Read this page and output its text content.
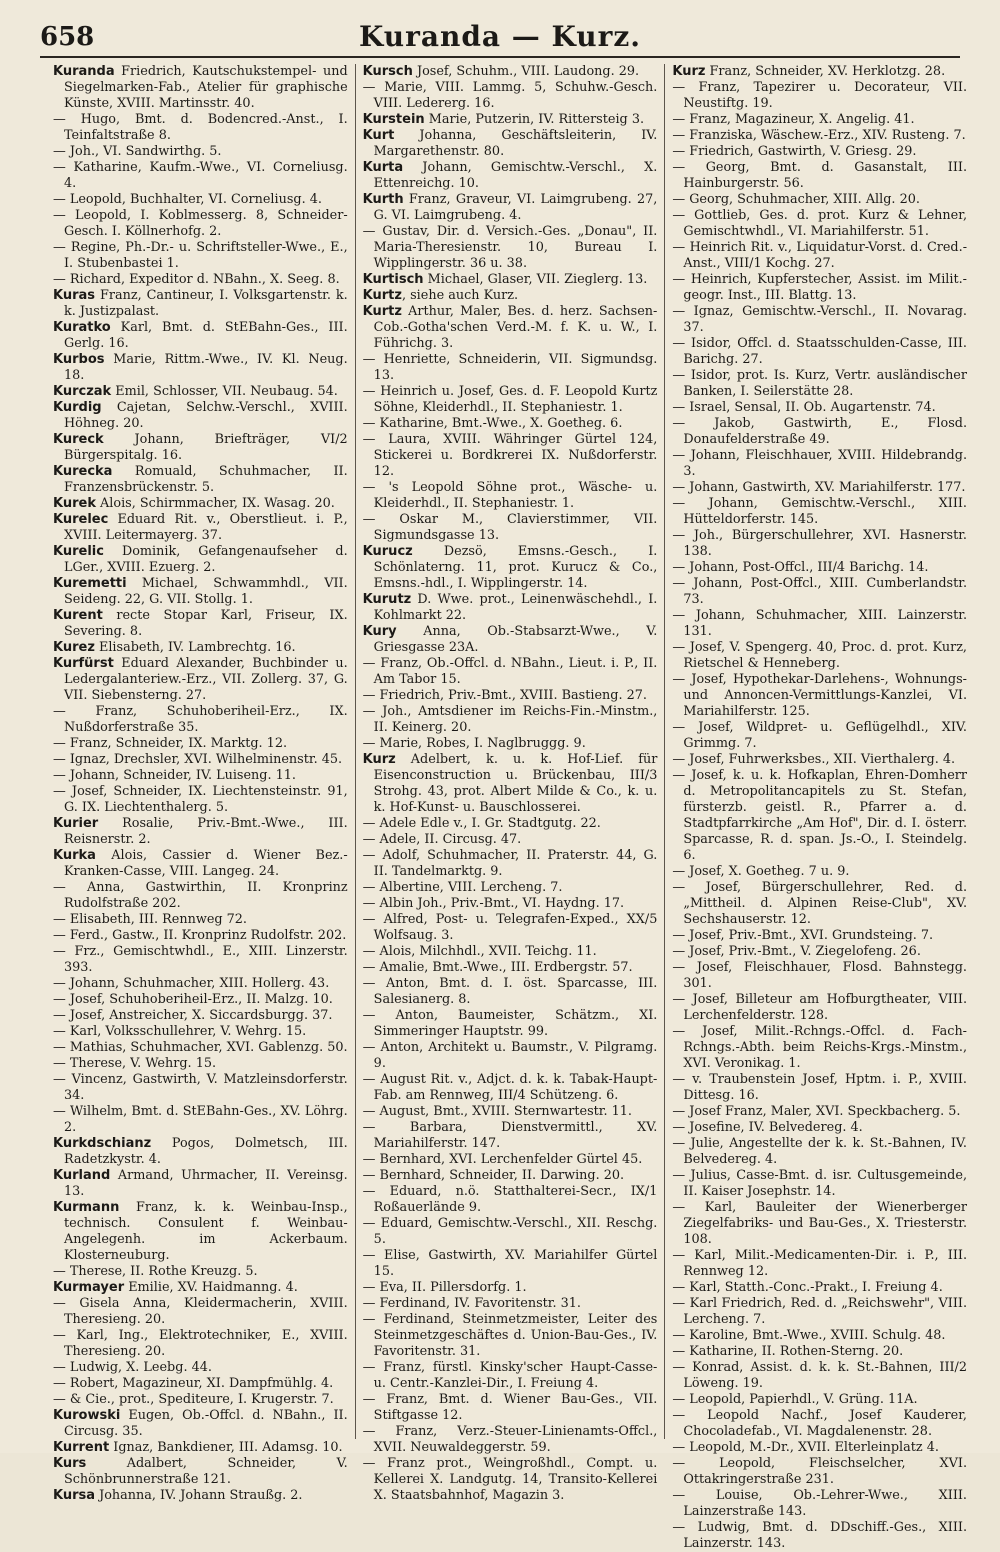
658	Kuranda — Kurz.

Kuranda Friedrich, Kautschukstempel- und Siegelmarken-Fab., Atelier für graphische Künste, XVIII. Martinsstr. 40.

— Hugo, Bmt. d. Bodencred.-Anst., I. Teinfaltstraße 8.

— Joh., VI. Sandwirthg. 5.

— Katharine, Kaufm.-Wwe., VI. Corneliusg. 4.

— Leopold, Buchhalter, VI. Corneliusg. 4.

— Leopold, I. Koblmesserg. 8, Schneider-Gesch. I. Köllnerhofg. 2.

— Regine, Ph.-Dr.- u. Schriftsteller-Wwe., E., I. Stubenbastei 1.

— Richard, Expeditor d. NBahn., X. Seeg. 8.

Kuras Franz, Cantineur, I. Volksgartenstr. k. k. Justizpalast.

Kuratko Karl, Bmt. d. StEBahn-Ges., III. Gerlg. 16.

Kurbos Marie, Rittm.-Wwe., IV. Kl. Neug. 18.

Kurczak Emil, Schlosser, VII. Neubaug. 54.

Kurdig Cajetan, Selchw.-Verschl., XVIII. Höhneg. 20.

Kureck Johann, Briefträger, VI/2 Bürgerspitalg. 16.

Kurecka Romuald, Schuhmacher, II. Franzensbrückenstr. 5.

Kurek Alois, Schirmmacher, IX. Wasag. 20.

Kurelec Eduard Rit. v., Oberstlieut. i. P., XVIII. Leitermayerg. 37.

Kurelic Dominik, Gefangenaufseher d. LGer., XVIII. Ezuerg. 2.

Kuremetti Michael, Schwammhdl., VII. Seideng. 22, G. VII. Stollg. 1.

Kurent recte Stopar Karl, Friseur, IX. Severing. 8.

Kurez Elisabeth, IV. Lambrechtg. 16.

Kurfürst Eduard Alexander, Buchbinder u. Ledergalanteriew.-Erz., VII. Zollerg. 37, G. VII. Siebensterng. 27.

— Franz, Schuhoberiheil-Erz., IX. Nußdorferstraße 35.

— Franz, Schneider, IX. Marktg. 12.

— Ignaz, Drechsler, XVI. Wilhelminenstr. 45.

— Johann, Schneider, IV. Luiseng. 11.

— Josef, Schneider, IX. Liechtensteinstr. 91, G. IX. Liechtenthalerg. 5.

Kurier Rosalie, Priv.-Bmt.-Wwe., III. Reisnerstr. 2.

Kurka Alois, Cassier d. Wiener Bez.-Kranken-Casse, VIII. Langeg. 24.

— Anna, Gastwirthin, II. Kronprinz Rudolfstraße 202.

— Elisabeth, III. Rennweg 72.

— Ferd., Gastw., II. Kronprinz Rudolfstr. 202.

— Frz., Gemischtwhdl., E., XIII. Linzerstr. 393.

— Johann, Schuhmacher, XIII. Hollerg. 43.

— Josef, Schuhoberiheil-Erz., II. Malzg. 10.

— Josef, Anstreicher, X. Siccardsburgg. 37.

— Karl, Volksschullehrer, V. Wehrg. 15.

— Mathias, Schuhmacher, XVI. Gablenzg. 50.

— Therese, V. Wehrg. 15.

— Vincenz, Gastwirth, V. Matzleinsdorferstr. 34.

— Wilhelm, Bmt. d. StEBahn-Ges., XV. Löhrg. 2.

Kurkdschianz Pogos, Dolmetsch, III. Radetzkystr. 4.

Kurland Armand, Uhrmacher, II. Vereinsg. 13.

Kurmann Franz, k. k. Weinbau-Insp., technisch. Consulent f. Weinbau-Angelegenh. im Ackerbaum. Klosterneuburg.

— Therese, II. Rothe Kreuzg. 5.

Kurmayer Emilie, XV. Haidmanng. 4.

— Gisela Anna, Kleidermacherin, XVIII. Theresieng. 20.

— Karl, Ing., Elektrotechniker, E., XVIII. Theresieng. 20.

— Ludwig, X. Leebg. 44.

— Robert, Magazineur, XI. Dampfmühlg. 4.

— & Cie., prot., Spediteure, I. Krugerstr. 7.

Kurowski Eugen, Ob.-Offcl. d. NBahn., II. Circusg. 35.

Kurrent Ignaz, Bankdiener, III. Adamsg. 10.

Kurs Adalbert, Schneider, V. Schönbrunnerstraße 121.

Kursa Johanna, IV. Johann Straußg. 2.

Kursch Josef, Schuhm., VIII. Laudong. 29.

— Marie, VIII. Lammg. 5, Schuhw.-Gesch. VIII. Ledererg. 16.

Kurstein Marie, Putzerin, IV. Rittersteig 3.

Kurt Johanna, Geschäftsleiterin, IV. Margarethenstr. 80.

Kurta Johann, Gemischtw.-Verschl., X. Ettenreichg. 10.

Kurth Franz, Graveur, VI. Laimgrubeng. 27, G. VI. Laimgrubeng. 4.

— Gustav, Dir. d. Versich.-Ges. „Donau", II. Maria-Theresienstr. 10, Bureau I. Wipplingerstr. 36 u. 38.

Kurtisch Michael, Glaser, VII. Zieglerg. 13.

Kurtz, siehe auch Kurz.

Kurtz Arthur, Maler, Bes. d. herz. Sachsen-Cob.-Gotha'schen Verd.-M. f. K. u. W., I. Führichg. 3.

— Henriette, Schneiderin, VII. Sigmundsg. 13.

— Heinrich u. Josef, Ges. d. F. Leopold Kurtz Söhne, Kleiderhdl., II. Stephaniestr. 1.

— Katharine, Bmt.-Wwe., X. Goetheg. 6.

— Laura, XVIII. Währinger Gürtel 124, Stickerei u. Bordkrerei IX. Nußdorferstr. 12.

— 's Leopold Söhne prot., Wäsche- u. Kleiderhdl., II. Stephaniestr. 1.

— Oskar M., Clavierstimmer, VII. Sigmundsgasse 13.

Kurucz Dezsö, Emsns.-Gesch., I. Schönlaterng. 11, prot. Kurucz & Co., Emsns.-hdl., I. Wipplingerstr. 14.

Kurutz D. Wwe. prot., Leinenwäschehdl., I. Kohlmarkt 22.

Kury Anna, Ob.-Stabsarzt-Wwe., V. Griesgasse 23A.

— Franz, Ob.-Offcl. d. NBahn., Lieut. i. P., II. Am Tabor 15.

— Friedrich, Priv.-Bmt., XVIII. Bastieng. 27.

— Joh., Amtsdiener im Reichs-Fin.-Minstm., II. Keinerg. 20.

— Marie, Robes, I. Naglbruggg. 9.

Kurz Adelbert, k. u. k. Hof-Lief. für Eisenconstruction u. Brückenbau, III/3 Strohg. 43, prot. Albert Milde & Co., k. u. k. Hof-Kunst- u. Bauschlosserei.

— Adele Edle v., I. Gr. Stadtgutg. 22.

— Adele, II. Circusg. 47.

— Adolf, Schuhmacher, II. Praterstr. 44, G. II. Tandelmarktg. 9.

— Albertine, VIII. Lercheng. 7.

— Albin Joh., Priv.-Bmt., VI. Haydng. 17.

— Alfred, Post- u. Telegrafen-Exped., XX/5 Wolfsaug. 3.

— Alois, Milchhdl., XVII. Teichg. 11.

— Amalie, Bmt.-Wwe., III. Erdbergstr. 57.

— Anton, Bmt. d. I. öst. Sparcasse, III. Salesianerg. 8.

— Anton, Baumeister, Schätzm., XI. Simmeringer Hauptstr. 99.

— Anton, Architekt u. Baumstr., V. Pilgramg. 9.

— August Rit. v., Adjct. d. k. k. Tabak-Haupt-Fab. am Rennweg, III/4 Schützeng. 6.

— August, Bmt., XVIII. Sternwartestr. 11.

— Barbara, Dienstvermittl., XV. Mariahilferstr. 147.

— Bernhard, XVI. Lerchenfelder Gürtel 45.

— Bernhard, Schneider, II. Darwing. 20.

— Eduard, n.ö. Statthalterei-Secr., IX/1 Roßauerlände 9.

— Eduard, Gemischtw.-Verschl., XII. Reschg. 5.

— Elise, Gastwirth, XV. Mariahilfer Gürtel 15.

— Eva, II. Pillersdorfg. 1.

— Ferdinand, IV. Favoritenstr. 31.

— Ferdinand, Steinmetzmeister, Leiter des Steinmetzgeschäftes d. Union-Bau-Ges., IV. Favoritenstr. 31.

— Franz, fürstl. Kinsky'scher Haupt-Casse- u. Centr.-Kanzlei-Dir., I. Freiung 4.

— Franz, Bmt. d. Wiener Bau-Ges., VII. Stiftgasse 12.

— Franz, Verz.-Steuer-Linienamts-Offcl., XVII. Neuwaldeggerstr. 59.

— Franz prot., Weingroßhdl., Compt. u. Kellerei X. Landgutg. 14, Transito-Kellerei X. Staatsbahnhof, Magazin 3.

Kurz Franz, Schneider, XV. Herklotzg. 28.

— Franz, Tapezirer u. Decorateur, VII. Neustiftg. 19.

— Franz, Magazineur, X. Angelig. 41.

— Franziska, Wäschew.-Erz., XIV. Rusteng. 7.

— Friedrich, Gastwirth, V. Griesg. 29.

— Georg, Bmt. d. Gasanstalt, III. Hainburgerstr. 56.

— Georg, Schuhmacher, XIII. Allg. 20.

— Gottlieb, Ges. d. prot. Kurz & Lehner, Gemischtwhdl., VI. Mariahilferstr. 51.

— Heinrich Rit. v., Liquidatur-Vorst. d. Cred.-Anst., VIII/1 Kochg. 27.

— Heinrich, Kupferstecher, Assist. im Milit.-geogr. Inst., III. Blattg. 13.

— Ignaz, Gemischtw.-Verschl., II. Novarag. 37.

— Isidor, Offcl. d. Staatsschulden-Casse, III. Barichg. 27.

— Isidor, prot. Is. Kurz, Vertr. ausländischer Banken, I. Seilerstätte 28.

— Israel, Sensal, II. Ob. Augartenstr. 74.

— Jakob, Gastwirth, E., Flosd. Donaufelderstraße 49.

— Johann, Fleischhauer, XVIII. Hildebrandg. 3.

— Johann, Gastwirth, XV. Mariahilferstr. 177.

— Johann, Gemischtw.-Verschl., XIII. Hütteldorferstr. 145.

— Joh., Bürgerschullehrer, XVI. Hasnerstr. 138.

— Johann, Post-Offcl., III/4 Barichg. 14.

— Johann, Post-Offcl., XIII. Cumberlandstr. 73.

— Johann, Schuhmacher, XIII. Lainzerstr. 131.

— Josef, V. Spengerg. 40, Proc. d. prot. Kurz, Rietschel & Henneberg.

— Josef, Hypothekar-Darlehens-, Wohnungs- und Annoncen-Vermittlungs-Kanzlei, VI. Mariahilferstr. 125.

— Josef, Wildpret- u. Geflügelhdl., XIV. Grimmg. 7.

— Josef, Fuhrwerksbes., XII. Vierthalerg. 4.

— Josef, k. u. k. Hofkaplan, Ehren-Domherr d. Metropolitancapitels zu St. Stefan, fürsterzb. geistl. R., Pfarrer a. d. Stadtpfarrkirche „Am Hof", Dir. d. I. österr. Sparcasse, R. d. span. Js.-O., I. Steindelg. 6.

— Josef, X. Goetheg. 7 u. 9.

— Josef, Bürgerschullehrer, Red. d. „Mittheil. d. Alpinen Reise-Club", XV. Sechshauserstr. 12.

— Josef, Priv.-Bmt., XVI. Grundsteing. 7.

— Josef, Priv.-Bmt., V. Ziegelofeng. 26.

— Josef, Fleischhauer, Flosd. Bahnstegg. 301.

— Josef, Billeteur am Hofburgtheater, VIII. Lerchenfelderstr. 128.

— Josef, Milit.-Rchngs.-Offcl. d. Fach-Rchngs.-Abth. beim Reichs-Krgs.-Minstm., XVI. Veronikag. 1.

— v. Traubenstein Josef, Hptm. i. P., XVIII. Dittesg. 16.

— Josef Franz, Maler, XVI. Speckbacherg. 5.

— Josefine, IV. Belvedereg. 4.

— Julie, Angestellte der k. k. St.-Bahnen, IV. Belvedereg. 4.

— Julius, Casse-Bmt. d. isr. Cultusgemeinde, II. Kaiser Josephstr. 14.

— Karl, Bauleiter der Wienerberger Ziegelfabriks- und Bau-Ges., X. Triesterstr. 108.

— Karl, Milit.-Medicamenten-Dir. i. P., III. Rennweg 12.

— Karl, Statth.-Conc.-Prakt., I. Freiung 4.

— Karl Friedrich, Red. d. „Reichswehr", VIII. Lercheng. 7.

— Karoline, Bmt.-Wwe., XVIII. Schulg. 48.

— Katharine, II. Rothen-Sterng. 20.

— Konrad, Assist. d. k. k. St.-Bahnen, III/2 Löweng. 19.

— Leopold, Papierhdl., V. Grüng. 11A.

— Leopold Nachf., Josef Kauderer, Chocoladefab., VI. Magdalenenstr. 28.

— Leopold, M.-Dr., XVII. Elterleinplatz 4.

— Leopold, Fleischselcher, XVI. Ottakringerstraße 231.

— Louise, Ob.-Lehrer-Wwe., XIII. Lainzerstraße 143.

— Ludwig, Bmt. d. DDschiff.-Ges., XIII. Lainzerstr. 143.
